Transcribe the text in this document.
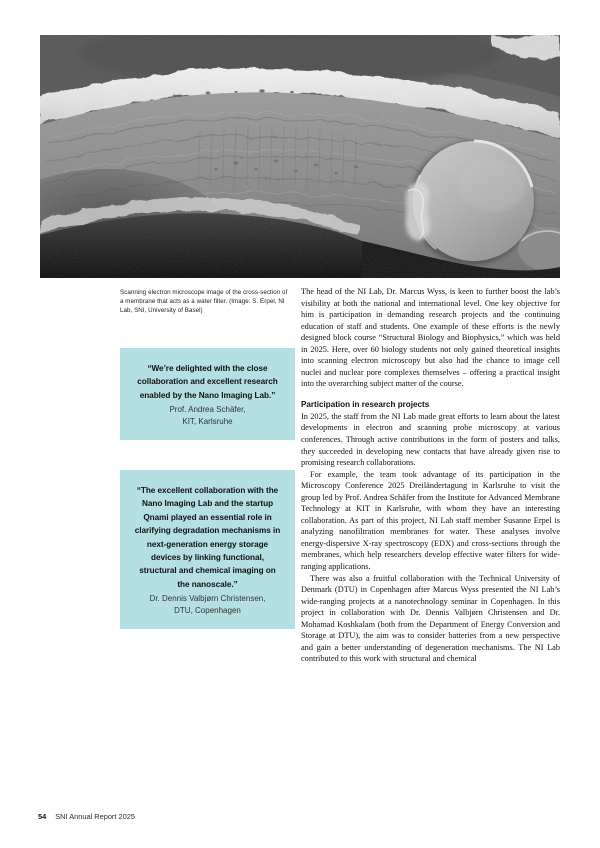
Scanning electron microscope image of the cross-section of a membrane that acts as a water filter. (Image: S. Erpel, NI Lab, SNI, University of Basel)

“We’re delighted with the close collaboration and excellent research enabled by the Nano Imaging Lab.”

Prof. Andrea Schäfer,

KIT, Karlsruhe

“The excellent collaboration with the Nano Imaging Lab and the startup Qnami played an essential role in clarifying degradation mechanisms in next-generation energy storage devices by linking functional, structural and chemical imaging on the nanoscale.”

Dr. Dennis Valbjørn Christensen,

DTU, Copenhagen

The head of the NI Lab, Dr. Marcus Wyss, is keen to further boost the lab’s visibility at both the national and international level. One key objective for him is participation in demanding research projects and the continuing education of staff and students. One example of these efforts is the newly designed block course “Structural Biology and Biophysics,” which was held in 2025. Here, over 60 biology students not only gained theoretical insights into scanning electron microscopy but also had the chance to image cell nuclei and nuclear pore complexes themselves – offering a practical insight into the overarching subject matter of the course.

Participation in research projects

In 2025, the staff from the NI Lab made great efforts to learn about the latest developments in electron and scanning probe microscopy at various conferences. Through active contributions in the form of posters and talks, they succeeded in developing new contacts that have already given rise to promising research collaborations.

For example, the team took advantage of its participation in the Microscopy Conference 2025 Dreiländertagung in Karlsruhe to visit the group led by Prof. Andrea Schäfer from the Institute for Advanced Membrane Technology at KIT in Karlsruhe, with whom they have an interesting collaboration. As part of this project, NI Lab staff member Susanne Erpel is analyzing nanofiltration membranes for water. These analyses involve energy-dispersive X-ray spectroscopy (EDX) and cross-sections through the membranes, which help researchers develop effective water filters for wide-ranging applications.

There was also a fruitful collaboration with the Technical University of Denmark (DTU) in Copenhagen after Marcus Wyss presented the NI Lab’s wide-ranging projects at a nanotechnology seminar in Copenhagen. In this project in collaboration with Dr. Dennis Valbjørn Christensen and Dr. Mohamad Koshkalam (both from the Department of Energy Conversion and Storage at DTU), the aim was to consider batteries from a new perspective and gain a better understanding of degeneration mechanisms. The NI Lab contributed to this work with structural and chemical

54 SNI Annual Report 2025
